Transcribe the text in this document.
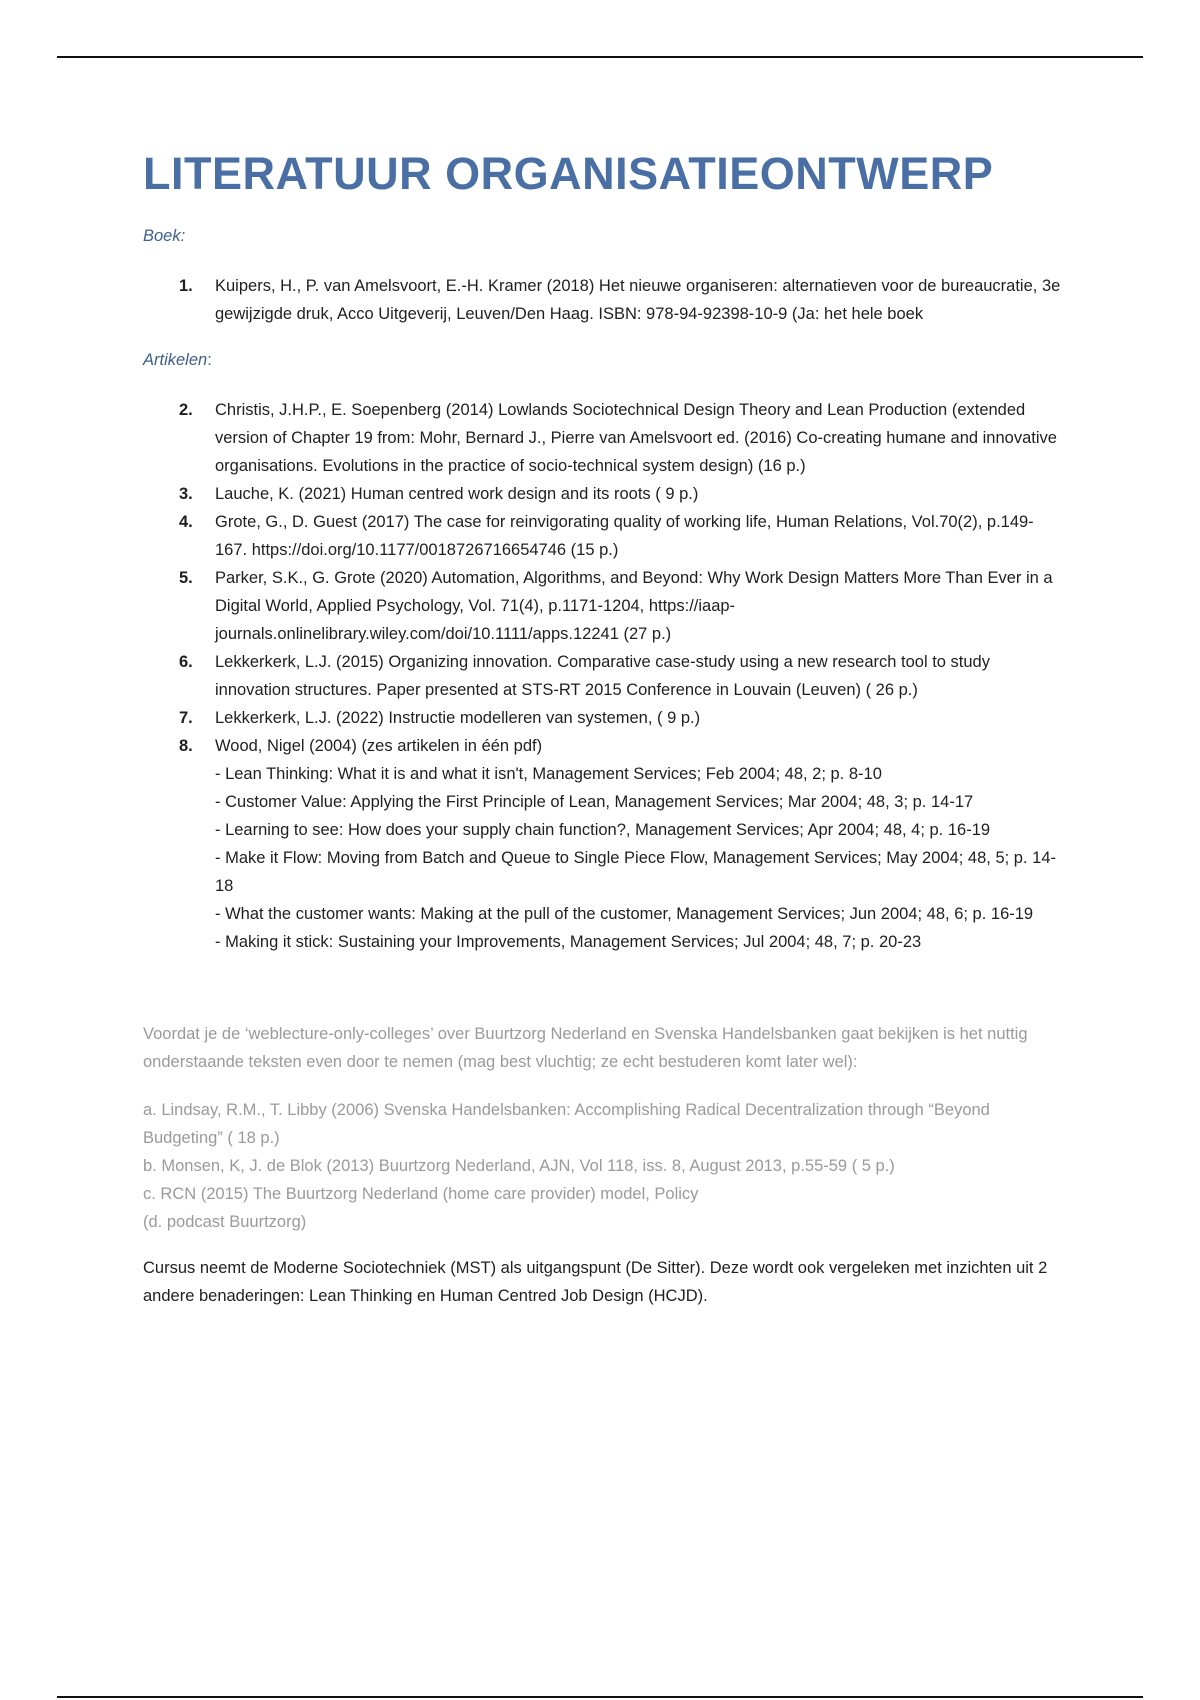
LITERATUUR ORGANISATIEONTWERP

Boek:

1. Kuipers, H., P. van Amelsvoort, E.-H. Kramer (2018) Het nieuwe organiseren: alternatieven voor de bureaucratie, 3e gewijzigde druk, Acco Uitgeverij, Leuven/Den Haag. ISBN: 978-94-92398-10-9 (Ja: het hele boek

Artikelen:

2. Christis, J.H.P., E. Soepenberg (2014) Lowlands Sociotechnical Design Theory and Lean Production (extended version of Chapter 19 from: Mohr, Bernard J., Pierre van Amelsvoort ed. (2016) Co-creating humane and innovative organisations. Evolutions in the practice of socio-technical system design) (16 p.)
3. Lauche, K. (2021) Human centred work design and its roots ( 9 p.)
4. Grote, G., D. Guest (2017) The case for reinvigorating quality of working life, Human Relations, Vol.70(2), p.149-167. https://doi.org/10.1177/0018726716654746 (15 p.)
5. Parker, S.K., G. Grote (2020) Automation, Algorithms, and Beyond: Why Work Design Matters More Than Ever in a Digital World, Applied Psychology, Vol. 71(4), p.1171-1204, https://iaap-journals.onlinelibrary.wiley.com/doi/10.1111/apps.12241 (27 p.)
6. Lekkerkerk, L.J. (2015) Organizing innovation. Comparative case-study using a new research tool to study innovation structures. Paper presented at STS-RT 2015 Conference in Louvain (Leuven) ( 26 p.)
7. Lekkerkerk, L.J. (2022) Instructie modelleren van systemen, ( 9 p.)
8. Wood, Nigel (2004) (zes artikelen in één pdf)
- Lean Thinking: What it is and what it isn't, Management Services; Feb 2004; 48, 2; p. 8-10
- Customer Value: Applying the First Principle of Lean, Management Services; Mar 2004; 48, 3; p. 14-17
- Learning to see: How does your supply chain function?, Management Services; Apr 2004; 48, 4; p. 16-19
- Make it Flow: Moving from Batch and Queue to Single Piece Flow, Management Services; May 2004; 48, 5; p. 14-18
- What the customer wants: Making at the pull of the customer, Management Services; Jun 2004; 48, 6; p. 16-19
- Making it stick: Sustaining your Improvements, Management Services; Jul 2004; 48, 7; p. 20-23

Voordat je de ‘weblecture-only-colleges’ over Buurtzorg Nederland en Svenska Handelsbanken gaat bekijken is het nuttig onderstaande teksten even door te nemen (mag best vluchtig; ze echt bestuderen komt later wel):

a. Lindsay, R.M., T. Libby (2006) Svenska Handelsbanken: Accomplishing Radical Decentralization through “Beyond Budgeting” ( 18 p.)

b. Monsen, K, J. de Blok (2013) Buurtzorg Nederland, AJN, Vol 118, iss. 8, August 2013, p.55-59 ( 5 p.)

c. RCN (2015) The Buurtzorg Nederland (home care provider) model, Policy

(d. podcast Buurtzorg)

Cursus neemt de Moderne Sociotechniek (MST) als uitgangspunt (De Sitter). Deze wordt ook vergeleken met inzichten uit 2 andere benaderingen: Lean Thinking en Human Centred Job Design (HCJD).
